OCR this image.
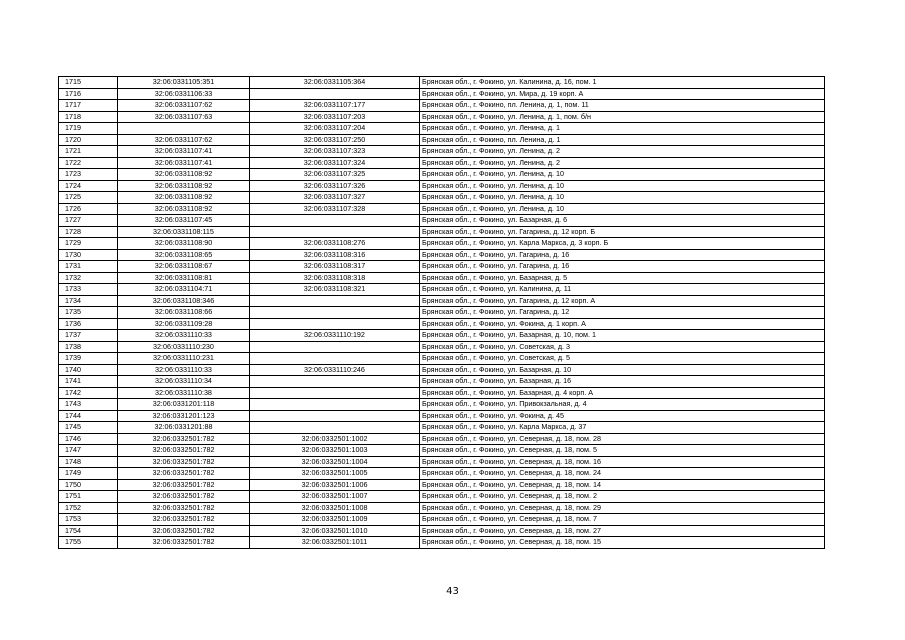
1715	32:06:0331105:351	32:06:0331105:364	Брянская обл., г. Фокино, ул. Калинина, д. 16, пом. 1
1716	32:06:0331106:33		Брянская обл., г. Фокино, ул. Мира, д. 19 корп. А
1717	32:06:0331107:62	32:06:0331107:177	Брянская обл., г. Фокино, пл. Ленина, д. 1, пом. 11
1718	32:06:0331107:63	32:06:0331107:203	Брянская обл., г. Фокино, ул. Ленина, д. 1, пом. б/н
1719		32:06:0331107:204	Брянская обл., г. Фокино, ул. Ленина, д. 1
1720	32:06:0331107:62	32:06:0331107:250	Брянская обл., г. Фокино, пл. Ленина, д. 1
1721	32:06:0331107:41	32:06:0331107:323	Брянская обл., г. Фокино, ул. Ленина, д. 2
1722	32:06:0331107:41	32:06:0331107:324	Брянская обл., г. Фокино, ул. Ленина, д. 2
1723	32:06:0331108:92	32:06:0331107:325	Брянская обл., г. Фокино, ул. Ленина, д. 10
1724	32:06:0331108:92	32:06:0331107:326	Брянская обл., г. Фокино, ул. Ленина, д. 10
1725	32:06:0331108:92	32:06:0331107:327	Брянская обл., г. Фокино, ул. Ленина, д. 10
1726	32:06:0331108:92	32:06:0331107:328	Брянская обл., г. Фокино, ул. Ленина, д. 10
1727	32:06:0331107:45		Брянская обл., г. Фокино, ул. Базарная, д. 6
1728	32:06:0331108:115		Брянская обл., г. Фокино, ул. Гагарина, д. 12 корп. Б
1729	32:06:0331108:90	32:06:0331108:276	Брянская обл., г. Фокино, ул. Карла Маркса, д. 3 корп. Б
1730	32:06:0331108:65	32:06:0331108:316	Брянская обл., г. Фокино, ул. Гагарина, д. 16
1731	32:06:0331108:67	32:06:0331108:317	Брянская обл., г. Фокино, ул. Гагарина, д. 16
1732	32:06:0331108:81	32:06:0331108:318	Брянская обл., г. Фокино, ул. Базарная, д. 5
1733	32:06:0331104:71	32:06:0331108:321	Брянская обл., г. Фокино, ул. Калинина, д. 11
1734	32:06:0331108:346		Брянская обл., г. Фокино, ул. Гагарина, д. 12 корп. А
1735	32:06:0331108:66		Брянская обл., г. Фокино, ул. Гагарина, д. 12
1736	32:06:0331109:28		Брянская обл., г. Фокино, ул. Фокина, д. 1 корп. А
1737	32:06:0331110:33	32:06:0331110:192	Брянская обл., г. Фокино, ул. Базарная, д. 10, пом. 1
1738	32:06:0331110:230		Брянская обл., г. Фокино, ул. Советская, д. 3
1739	32:06:0331110:231		Брянская обл., г. Фокино, ул. Советская, д. 5
1740	32:06:0331110:33	32:06:0331110:246	Брянская обл., г. Фокино, ул. Базарная, д. 10
1741	32:06:0331110:34		Брянская обл., г. Фокино, ул. Базарная, д. 16
1742	32:06:0331110:38		Брянская обл., г. Фокино, ул. Базарная, д. 4 корп. А
1743	32:06:0331201:118		Брянская обл., г. Фокино, ул. Привокзальная, д. 4
1744	32:06:0331201:123		Брянская обл., г. Фокино, ул. Фокина, д. 45
1745	32:06:0331201:88		Брянская обл., г. Фокино, ул. Карла Маркса, д. 37
1746	32:06:0332501:782	32:06:0332501:1002	Брянская обл., г. Фокино, ул. Северная, д. 18, пом. 28
1747	32:06:0332501:782	32:06:0332501:1003	Брянская обл., г. Фокино, ул. Северная, д. 18, пом. 5
1748	32:06:0332501:782	32:06:0332501:1004	Брянская обл., г. Фокино, ул. Северная, д. 18, пом. 16
1749	32:06:0332501:782	32:06:0332501:1005	Брянская обл., г. Фокино, ул. Северная, д. 18, пом. 24
1750	32:06:0332501:782	32:06:0332501:1006	Брянская обл., г. Фокино, ул. Северная, д. 18, пом. 14
1751	32:06:0332501:782	32:06:0332501:1007	Брянская обл., г. Фокино, ул. Северная, д. 18, пом. 2
1752	32:06:0332501:782	32:06:0332501:1008	Брянская обл., г. Фокино, ул. Северная, д. 18, пом. 29
1753	32:06:0332501:782	32:06:0332501:1009	Брянская обл., г. Фокино, ул. Северная, д. 18, пом. 7
1754	32:06:0332501:782	32:06:0332501:1010	Брянская обл., г. Фокино, ул. Северная, д. 18, пом. 27
1755	32:06:0332501:782	32:06:0332501:1011	Брянская обл., г. Фокино, ул. Северная, д. 18, пом. 15
43
